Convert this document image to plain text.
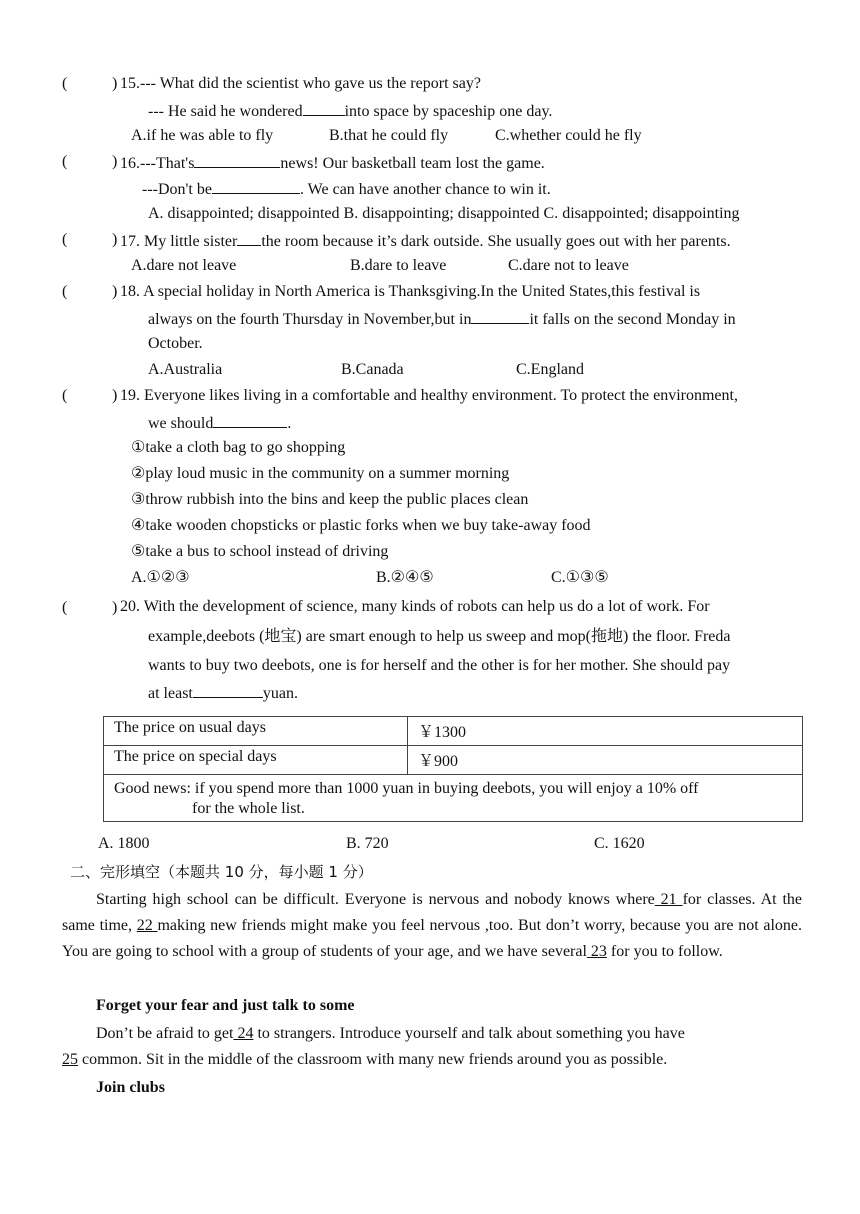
(	) 15.--- What did the scientist who gave us the report say?
--- He said he wondered	into space by spaceship one day.
A.if he was able to fly	B.that he could fly	C.whether could he fly
(	) 16.---That's	news! Our basketball team lost the game.
---Don't be	. We can have another chance to win it.
A. disappointed; disappointed B. disappointing; disappointed C. disappointed; disappointing
(	) 17. My little sister the room because it’s dark outside. She usually goes out with her parents.
A.dare not leave	B.dare to leave	C.dare not to leave
(	) 18. A special holiday in North America is Thanksgiving.In the United States,this festival is
always on the fourth Thursday in November,but in	it falls on the second Monday in
October.
A.Australia	B.Canada	C.England
(	) 19. Everyone likes living in a comfortable and healthy environment. To protect the environment,
we should	.
①take a cloth bag to go shopping
②play loud music in the community on a summer morning
③throw rubbish into the bins and keep the public places clean
④take wooden chopsticks or plastic forks when we buy take-away food
⑤take a bus to school instead of driving
A.①②③	B.②④⑤	C.①③⑤
(	) 20. With the development of science, many kinds of robots can help us do a lot of work. For
example,deebots (地宝) are smart enough to help us sweep and mop(拖地) the floor. Freda
wants to buy two deebots, one is for herself and the other is for her mother. She should pay
at least	yuan.
The price on usual days	￥1300
The price on special days	￥900

Good news: if you spend more than 1000 yuan in buying deebots, you will enjoy a 10% off
for the whole list.	
A. 1800	B. 720	C. 1620
二、完形填空（本题共 10 分，每小题 1 分）
Starting high school can be difficult. Everyone is nervous and nobody knows where 21 for classes. At the same time, 22 making new friends might make you feel nervous ,too. But don’t worry, because you are not alone. You are going to school with a group of students of your age, and we have several 23 for you to follow.
Forget your fear and just talk to some
Don’t be afraid to get 24 to strangers. Introduce yourself and talk about something you have
25 common. Sit in the middle of the classroom with many new friends around you as possible.
Join clubs
